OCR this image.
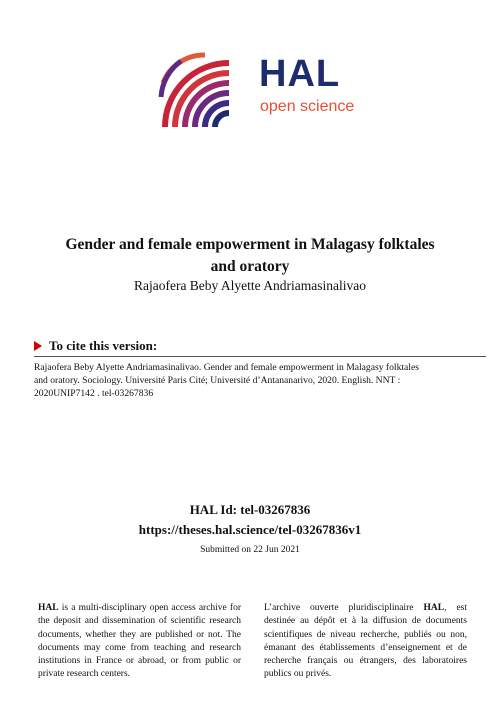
HAL
open science
Gender and female empowerment in Malagasy folktales
and oratory
Rajaofera Beby Alyette Andriamasinalivao
To cite this version:
Rajaofera Beby Alyette Andriamasinalivao. Gender and female empowerment in Malagasy folktales
and oratory. Sociology. Université Paris Cité; Université d’Antananarivo, 2020. English. NNT :
2020UNIP7142 . tel-03267836
HAL Id: tel-03267836
https://theses.hal.science/tel-03267836v1
Submitted on 22 Jun 2021
HAL is a multi-disciplinary open access archive for the deposit and dissemination of scientific research documents, whether they are published or not. The documents may come from teaching and research institutions in France or abroad, or from public or private research centers.
L’archive ouverte pluridisciplinaire HAL, est destinée au dépôt et à la diffusion de documents scientifiques de niveau recherche, publiés ou non, émanant des établissements d’enseignement et de recherche français ou étrangers, des laboratoires publics ou privés.
